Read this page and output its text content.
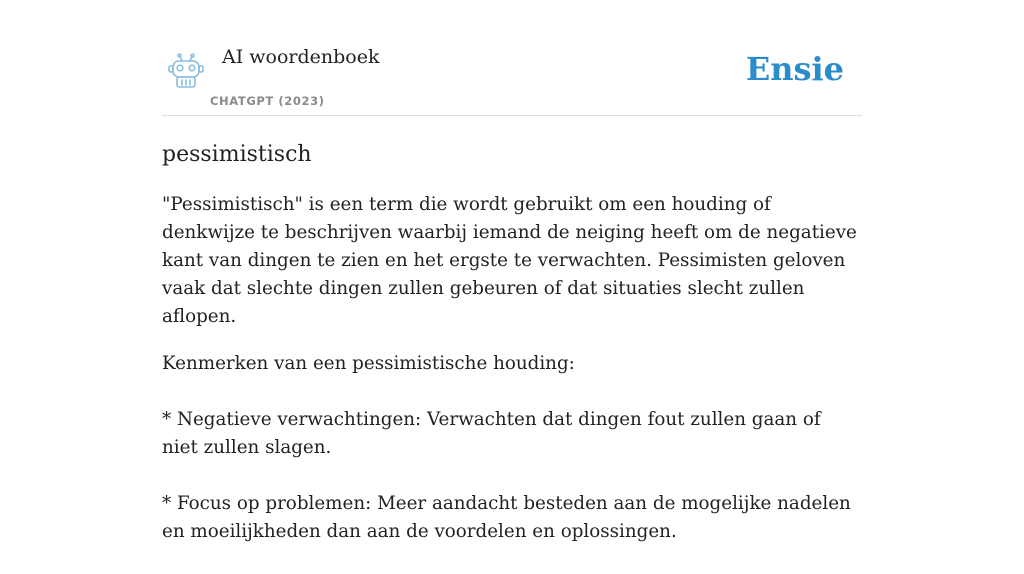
AI woordenboek
CHATGPT (2023)
Ensie
pessimistisch

"Pessimistisch" is een term die wordt gebruikt om een houding of denkwijze te beschrijven waarbij iemand de neiging heeft om de negatieve kant van dingen te zien en het ergste te verwachten. Pessimisten geloven vaak dat slechte dingen zullen gebeuren of dat situaties slecht zullen aflopen.

Kenmerken van een pessimistische houding:

* Negatieve verwachtingen: Verwachten dat dingen fout zullen gaan of niet zullen slagen.

* Focus op problemen: Meer aandacht besteden aan de mogelijke nadelen en moeilijkheden dan aan de voordelen en oplossingen.
